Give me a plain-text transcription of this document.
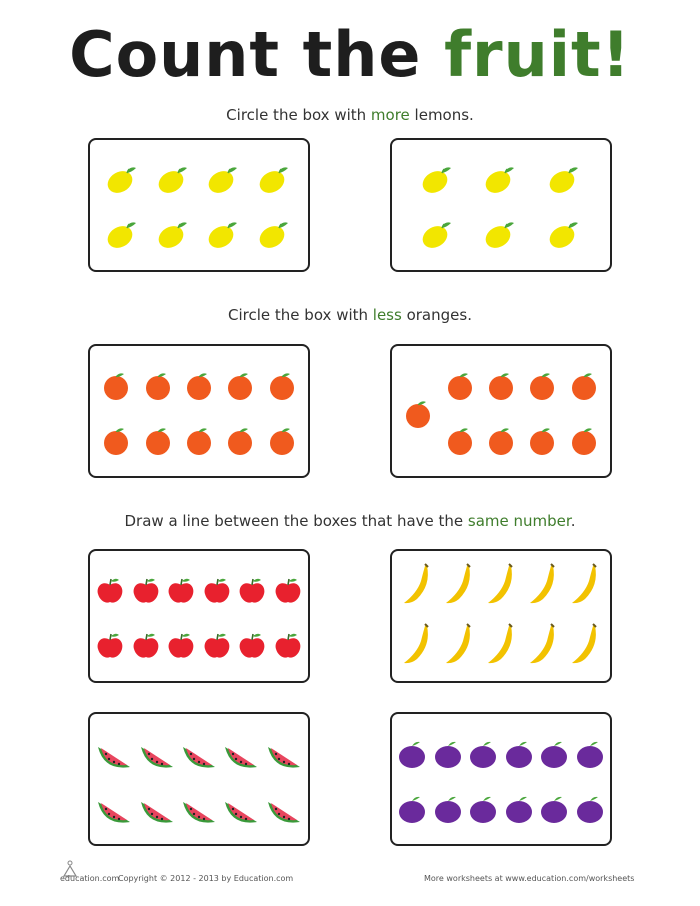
Count the fruit!
Circle the box with more lemons.
Circle the box with less oranges.
Draw a line between the boxes that have the same number.
education.com
Copyright © 2012 - 2013 by Education.com	More worksheets at www.education.com/worksheets
